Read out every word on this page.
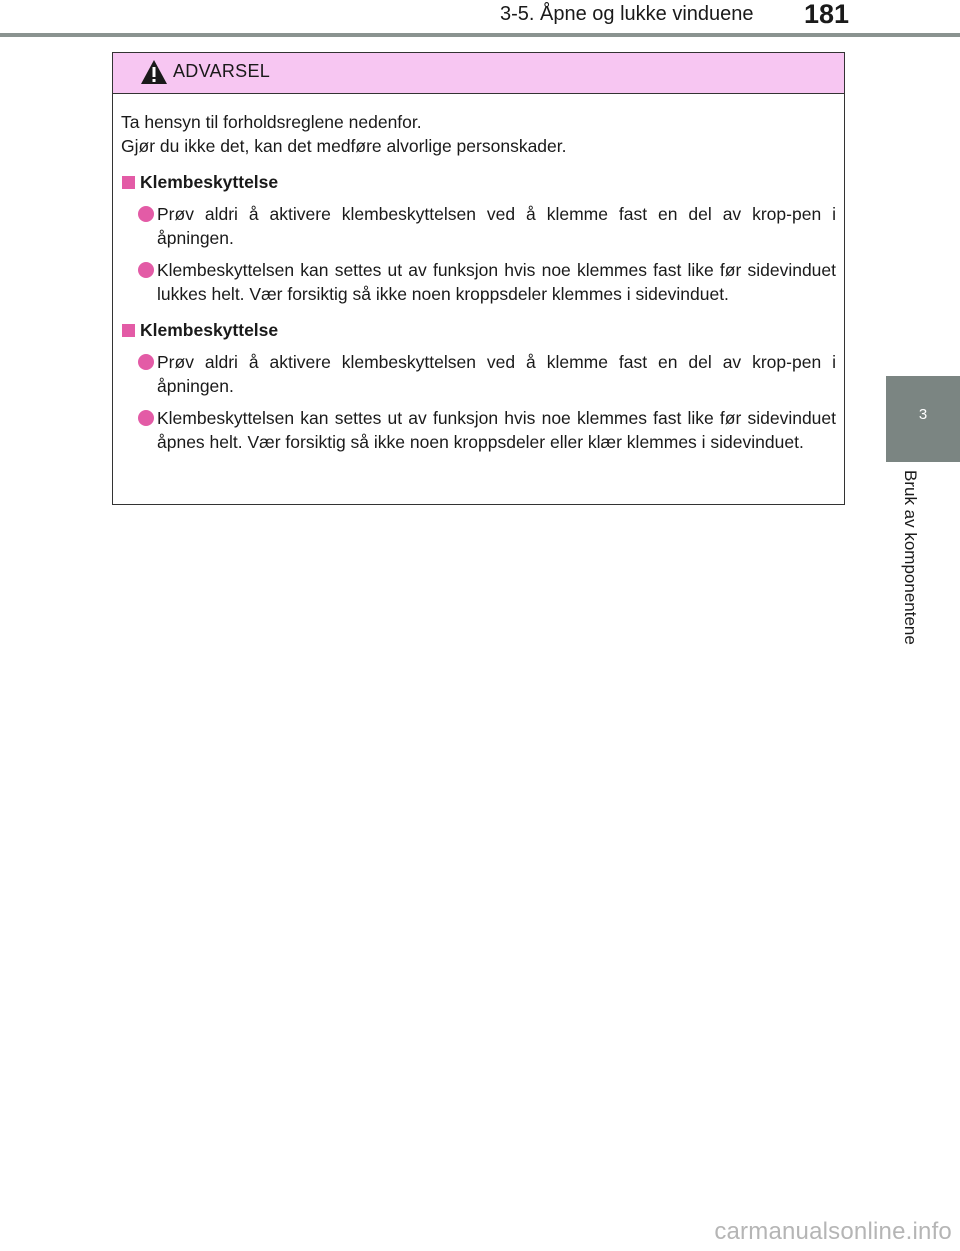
3-5. Åpne og lukke vinduene 181
3
Bruk av komponentene
ADVARSEL
Ta hensyn til forholdsreglene nedenfor.
Gjør du ikke det, kan det medføre alvorlige personskader.
Klembeskyttelse
Prøv aldri å aktivere klembeskyttelsen ved å klemme fast en del av krop-pen i åpningen.
Klembeskyttelsen kan settes ut av funksjon hvis noe klemmes fast like før sidevinduet lukkes helt. Vær forsiktig så ikke noen kroppsdeler klemmes i sidevinduet.
Klembeskyttelse
Prøv aldri å aktivere klembeskyttelsen ved å klemme fast en del av krop-pen i åpningen.
Klembeskyttelsen kan settes ut av funksjon hvis noe klemmes fast like før sidevinduet åpnes helt. Vær forsiktig så ikke noen kroppsdeler eller klær klemmes i sidevinduet.
carmanualsonline.info
